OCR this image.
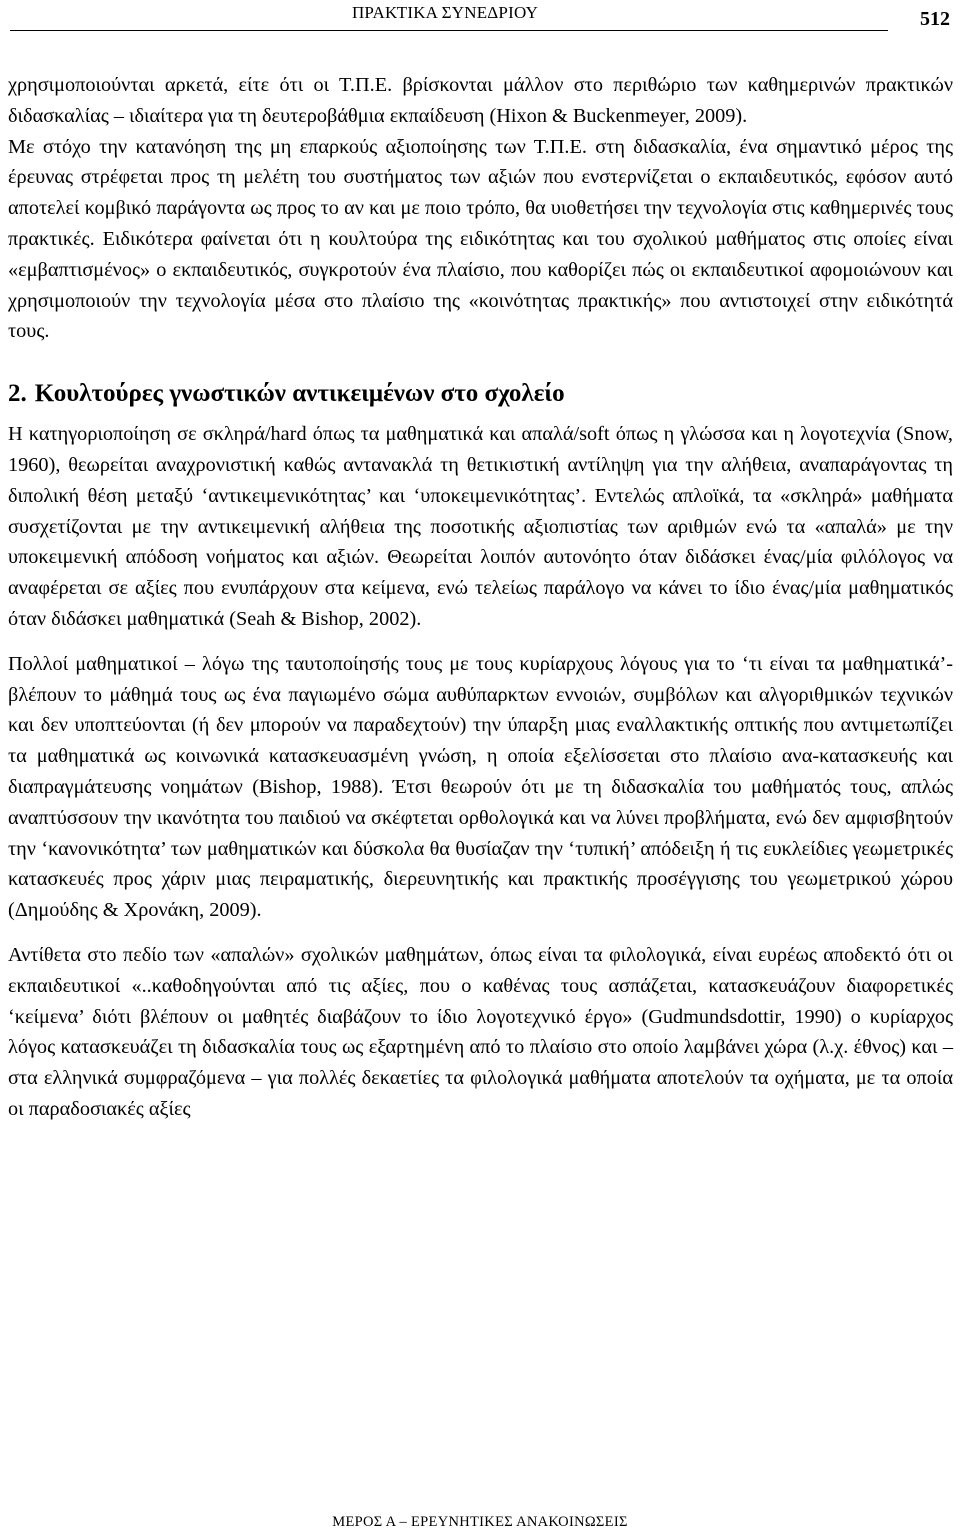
ΠΡΑΚΤΙΚΑ ΣΥΝΕΔΡΙΟΥ	512

χρησιμοποιούνται αρκετά, είτε ότι οι Τ.Π.Ε. βρίσκονται μάλλον στο περιθώριο των καθημερινών πρακτικών διδασκαλίας – ιδιαίτερα για τη δευτεροβάθμια εκπαίδευση (Hixon & Buckenmeyer, 2009).

Με στόχο την κατανόηση της μη επαρκούς αξιοποίησης των Τ.Π.Ε. στη διδασκαλία, ένα σημαντικό μέρος της έρευνας στρέφεται προς τη μελέτη του συστήματος των αξιών που ενστερνίζεται ο εκπαιδευτικός, εφόσον αυτό αποτελεί κομβικό παράγοντα ως προς το αν και με ποιο τρόπο, θα υιοθετήσει την τεχνολογία στις καθημερινές τους πρακτικές. Ειδικότερα φαίνεται ότι η κουλτούρα της ειδικότητας και του σχολικού μαθήματος στις οποίες είναι «εμβαπτισμένος» ο εκπαιδευτικός, συγκροτούν ένα πλαίσιο, που καθορίζει πώς οι εκπαιδευτικοί αφομοιώνουν και χρησιμοποιούν την τεχνολογία μέσα στο πλαίσιο της «κοινότητας πρακτικής» που αντιστοιχεί στην ειδικότητά τους.

2. Κουλτούρες γνωστικών αντικειμένων στο σχολείο

Η κατηγοριοποίηση σε σκληρά/hard όπως τα μαθηματικά και απαλά/soft όπως η γλώσσα και η λογοτεχνία (Snow, 1960), θεωρείται αναχρονιστική καθώς αντανακλά τη θετικιστική αντίληψη για την αλήθεια, αναπαράγοντας τη διπολική θέση μεταξύ ‘αντικειμενικότητας’ και ‘υποκειμενικότητας’. Εντελώς απλοϊκά, τα «σκληρά» μαθήματα συσχετίζονται με την αντικειμενική αλήθεια της ποσοτικής αξιοπιστίας των αριθμών ενώ τα «απαλά» με την υποκειμενική απόδοση νοήματος και αξιών. Θεωρείται λοιπόν αυτονόητο όταν διδάσκει ένας/μία φιλόλογος να αναφέρεται σε αξίες που ενυπάρχουν στα κείμενα, ενώ τελείως παράλογο να κάνει το ίδιο ένας/μία μαθηματικός όταν διδάσκει μαθηματικά (Seah & Bishop, 2002).

Πολλοί μαθηματικοί – λόγω της ταυτοποίησής τους με τους κυρίαρχους λόγους για το ‘τι είναι τα μαθηματικά’- βλέπουν το μάθημά τους ως ένα παγιωμένο σώμα αυθύπαρκτων εννοιών, συμβόλων και αλγοριθμικών τεχνικών και δεν υποπτεύονται (ή δεν μπορούν να παραδεχτούν) την ύπαρξη μιας εναλλακτικής οπτικής που αντιμετωπίζει τα μαθηματικά ως κοινωνικά κατασκευασμένη γνώση, η οποία εξελίσσεται στο πλαίσιο ανα-κατασκευής και διαπραγμάτευσης νοημάτων (Bishop, 1988). Έτσι θεωρούν ότι με τη διδασκαλία του μαθήματός τους, απλώς αναπτύσσουν την ικανότητα του παιδιού να σκέφτεται ορθολογικά και να λύνει προβλήματα, ενώ δεν αμφισβητούν την ‘κανονικότητα’ των μαθηματικών και δύσκολα θα θυσίαζαν την ‘τυπική’ απόδειξη ή τις ευκλείδιες γεωμετρικές κατασκευές προς χάριν μιας πειραματικής, διερευνητικής και πρακτικής προσέγγισης του γεωμετρικού χώρου (Δημούδης & Χρονάκη, 2009).

Αντίθετα στο πεδίο των «απαλών» σχολικών μαθημάτων, όπως είναι τα φιλολογικά, είναι ευρέως αποδεκτό ότι οι εκπαιδευτικοί «..καθοδηγούνται από τις αξίες, που ο καθένας τους ασπάζεται, κατασκευάζουν διαφορετικές ‘κείμενα’ διότι βλέπουν οι μαθητές διαβάζουν το ίδιο λογοτεχνικό έργο» (Gudmundsdottir, 1990) ο κυρίαρχος λόγος κατασκευάζει τη διδασκαλία τους ως εξαρτημένη από το πλαίσιο στο οποίο λαμβάνει χώρα (λ.χ. έθνος) και – στα ελληνικά συμφραζόμενα – για πολλές δεκαετίες τα φιλολογικά μαθήματα αποτελούν τα οχήματα, με τα οποία οι παραδοσιακές αξίες

ΜΕΡΟΣ Α – ΕΡΕΥΝΗΤΙΚΕΣ ΑΝΑΚΟΙΝΩΣΕΙΣ
